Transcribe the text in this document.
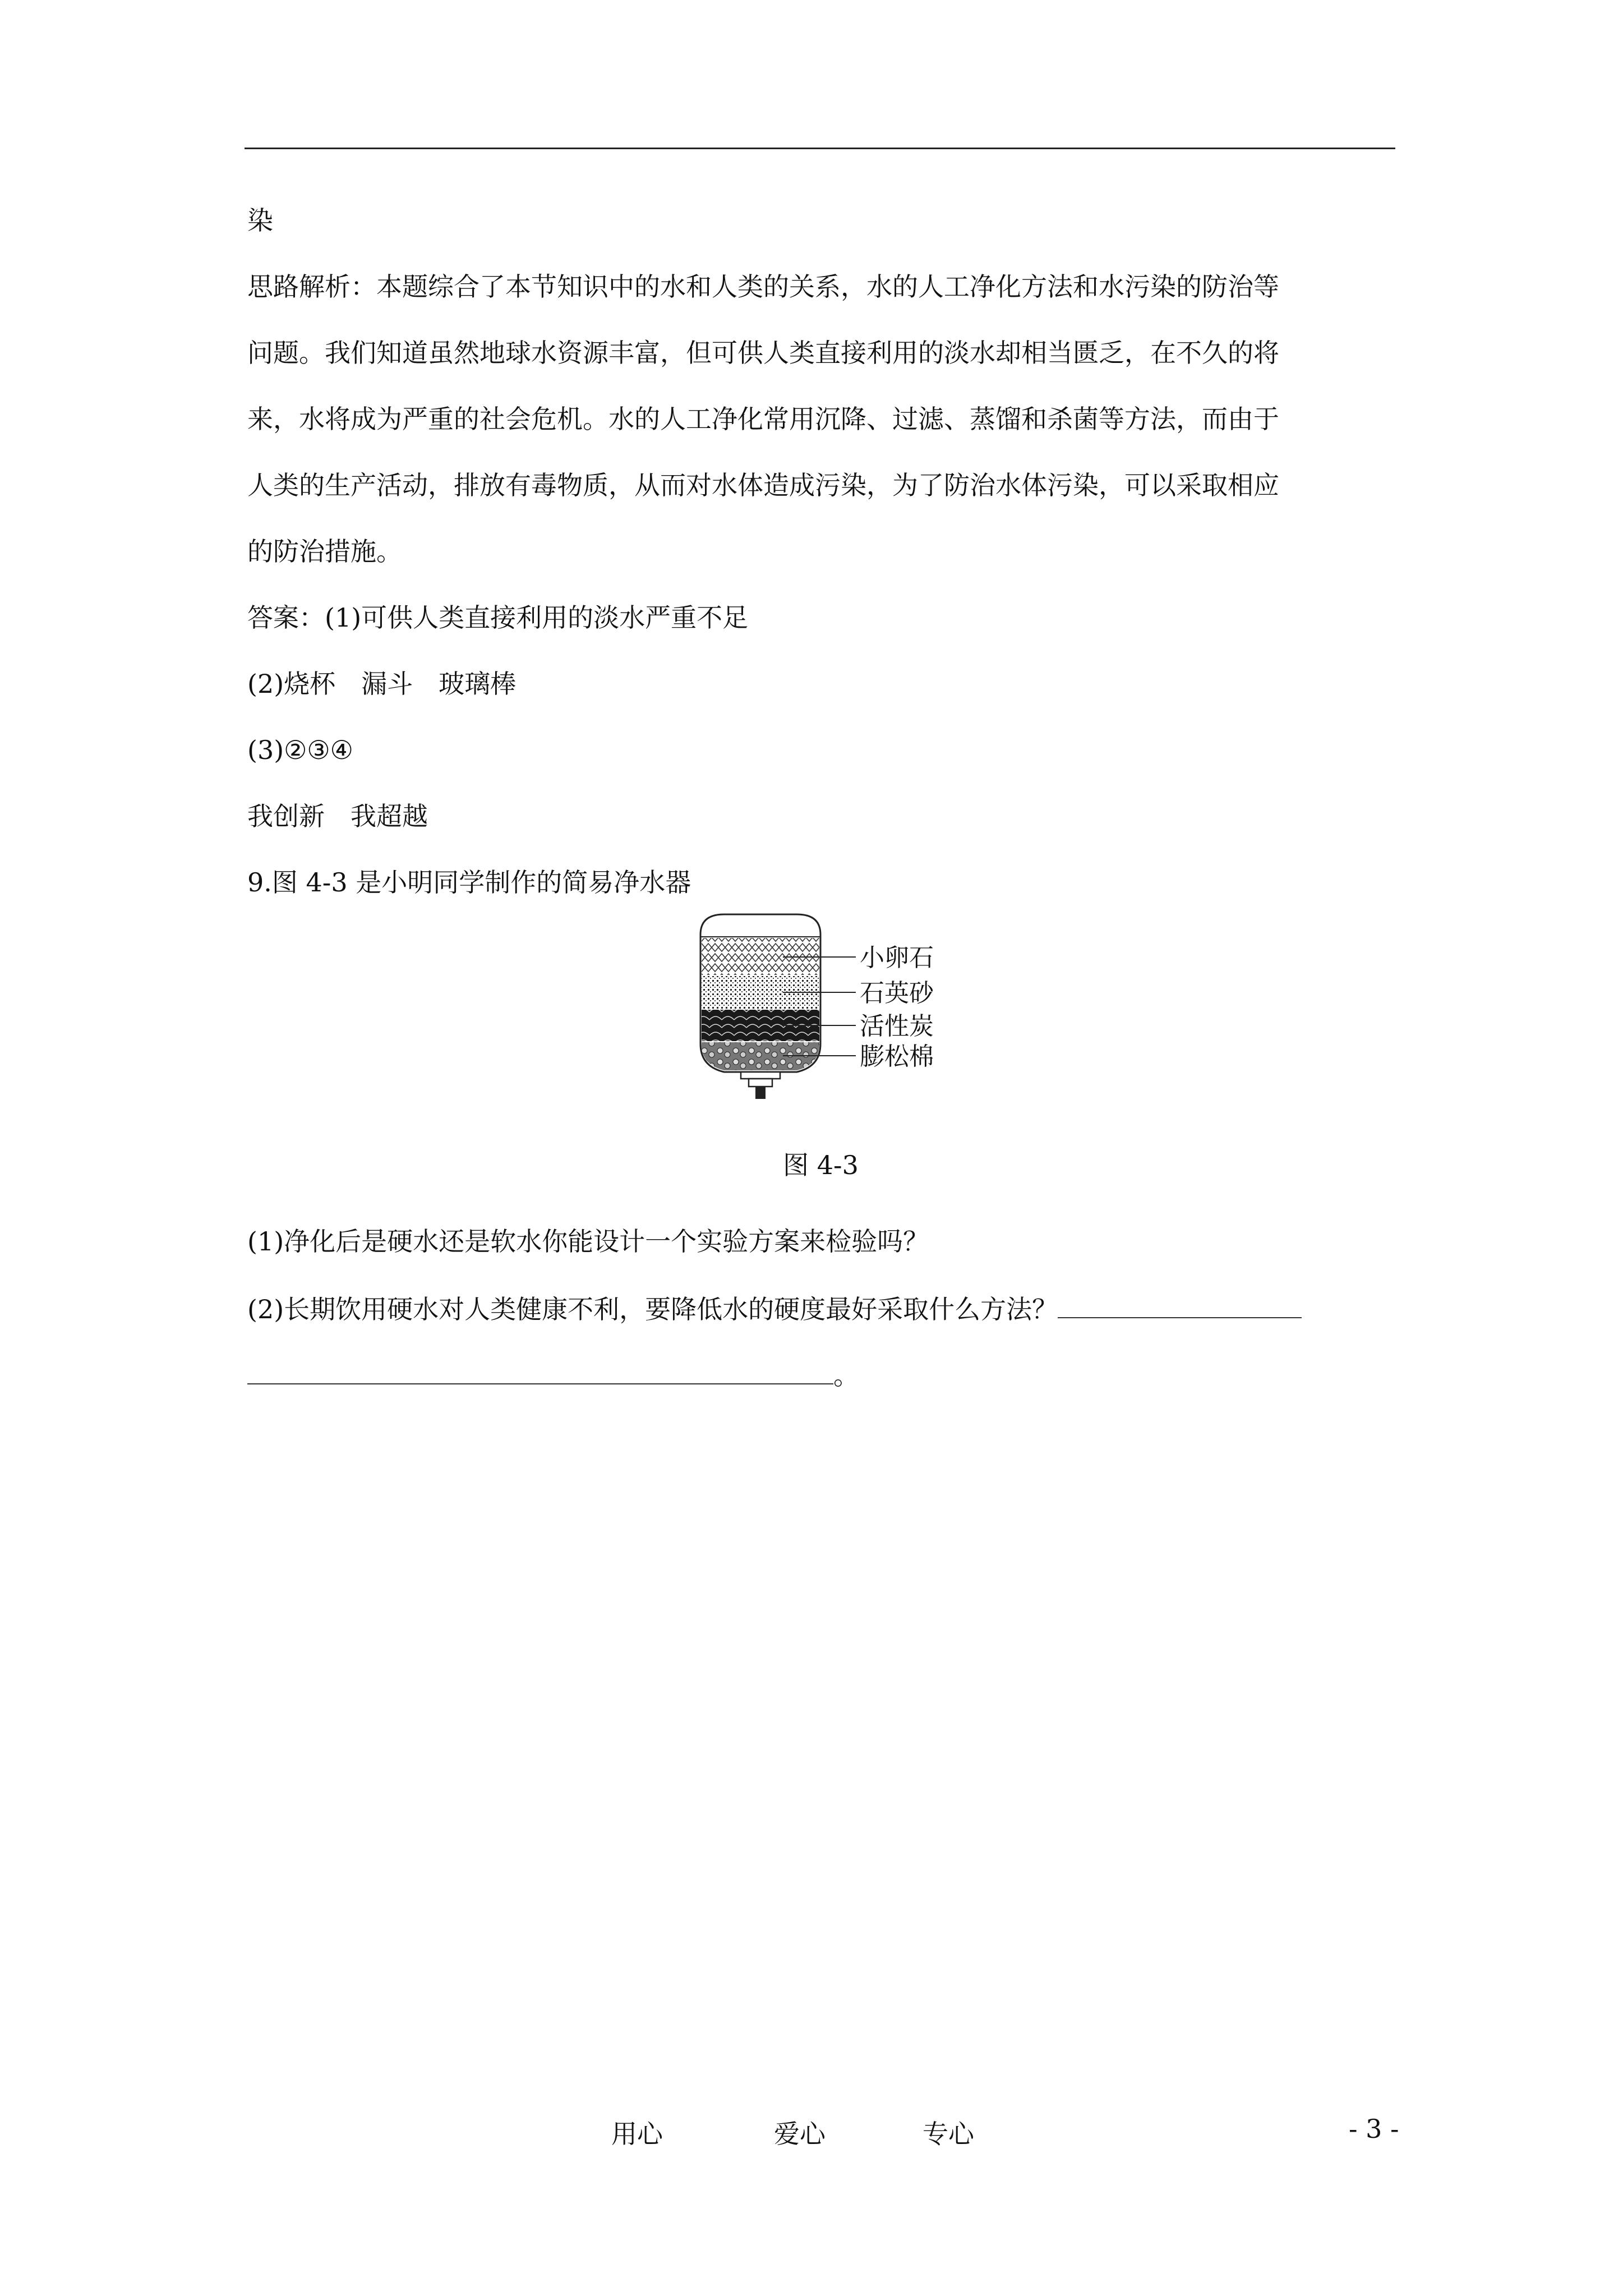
染
思路解析：本题综合了本节知识中的水和人类的关系，水的人工净化方法和水污染的防治等
问题。我们知道虽然地球水资源丰富，但可供人类直接利用的淡水却相当匮乏，在不久的将
来，水将成为严重的社会危机。水的人工净化常用沉降、过滤、蒸馏和杀菌等方法，而由于
人类的生产活动，排放有毒物质，从而对水体造成污染，为了防治水体污染，可以采取相应
的防治措施。
答案：(1)可供人类直接利用的淡水严重不足
(2)烧杯　漏斗　玻璃棒
(3)②③④
我创新　我超越
9.图 4-3 是小明同学制作的简易净水器
小卵石
石英砂
活性炭
膨松棉
图 4-3
(1)净化后是硬水还是软水你能设计一个实验方案来检验吗？
(2)长期饮用硬水对人类健康不利，要降低水的硬度最好采取什么方法？
。
用心	爱心	专心	- 3 -
